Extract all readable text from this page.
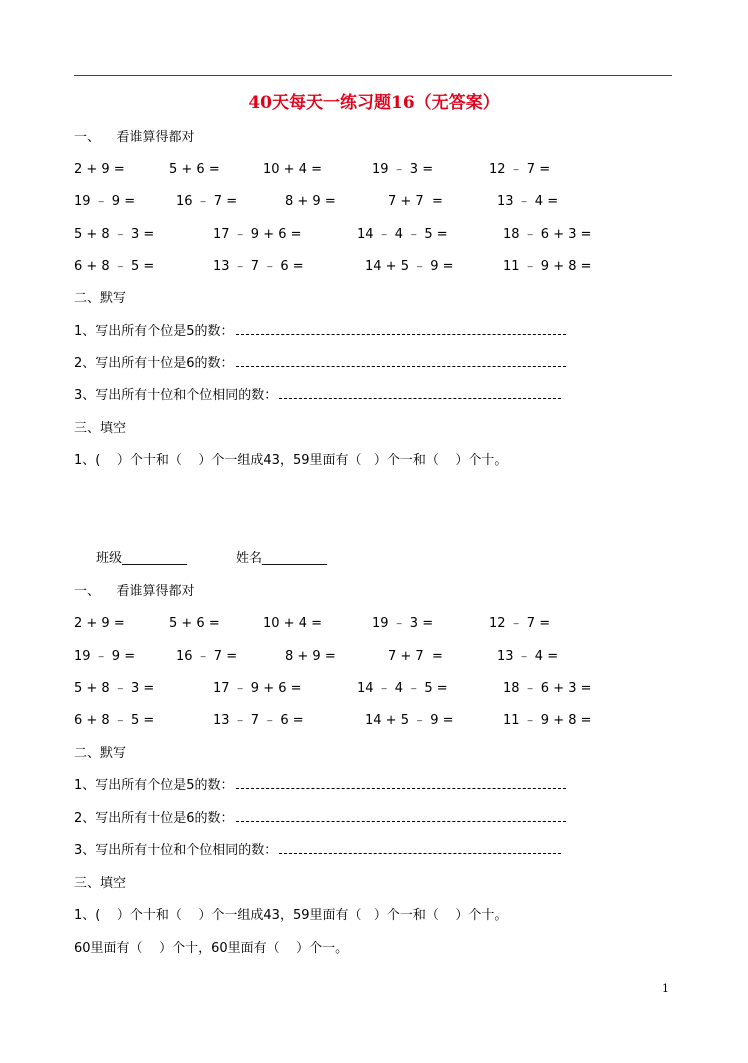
40天每天一练习题16（无答案）
一、    看谁算得都对
2 + 9 =	5 + 6 =	10 + 4 =	19 ﹣ 3 =	12 ﹣ 7 =
19 ﹣ 9 =	16 ﹣ 7 =	8 + 9 =	7 + 7  =	13 ﹣ 4 =
5 + 8 ﹣ 3 =	17 ﹣ 9 + 6 =	14 ﹣ 4 ﹣ 5 =	18 ﹣ 6 + 3 =
6 + 8 ﹣ 5 =	13 ﹣ 7 ﹣ 6 =	14 + 5 ﹣ 9 =	11 ﹣ 9 + 8 =
二、默写
1、写出所有个位是5的数：
2、写出所有十位是6的数：
3、写出所有十位和个位相同的数：
三、填空
1、(    ）个十和（    ）个一组成43，59里面有（   ）个一和（    ）个十。
班级__________	姓名__________
一、    看谁算得都对
2 + 9 =	5 + 6 =	10 + 4 =	19 ﹣ 3 =	12 ﹣ 7 =
19 ﹣ 9 =	16 ﹣ 7 =	8 + 9 =	7 + 7  =	13 ﹣ 4 =
5 + 8 ﹣ 3 =	17 ﹣ 9 + 6 =	14 ﹣ 4 ﹣ 5 =	18 ﹣ 6 + 3 =
6 + 8 ﹣ 5 =	13 ﹣ 7 ﹣ 6 =	14 + 5 ﹣ 9 =	11 ﹣ 9 + 8 =
二、默写
1、写出所有个位是5的数：
2、写出所有十位是6的数：
3、写出所有十位和个位相同的数：
三、填空
1、(    ）个十和（    ）个一组成43，59里面有（   ）个一和（    ）个十。
60里面有（    ）个十，60里面有（    ）个一。
1
